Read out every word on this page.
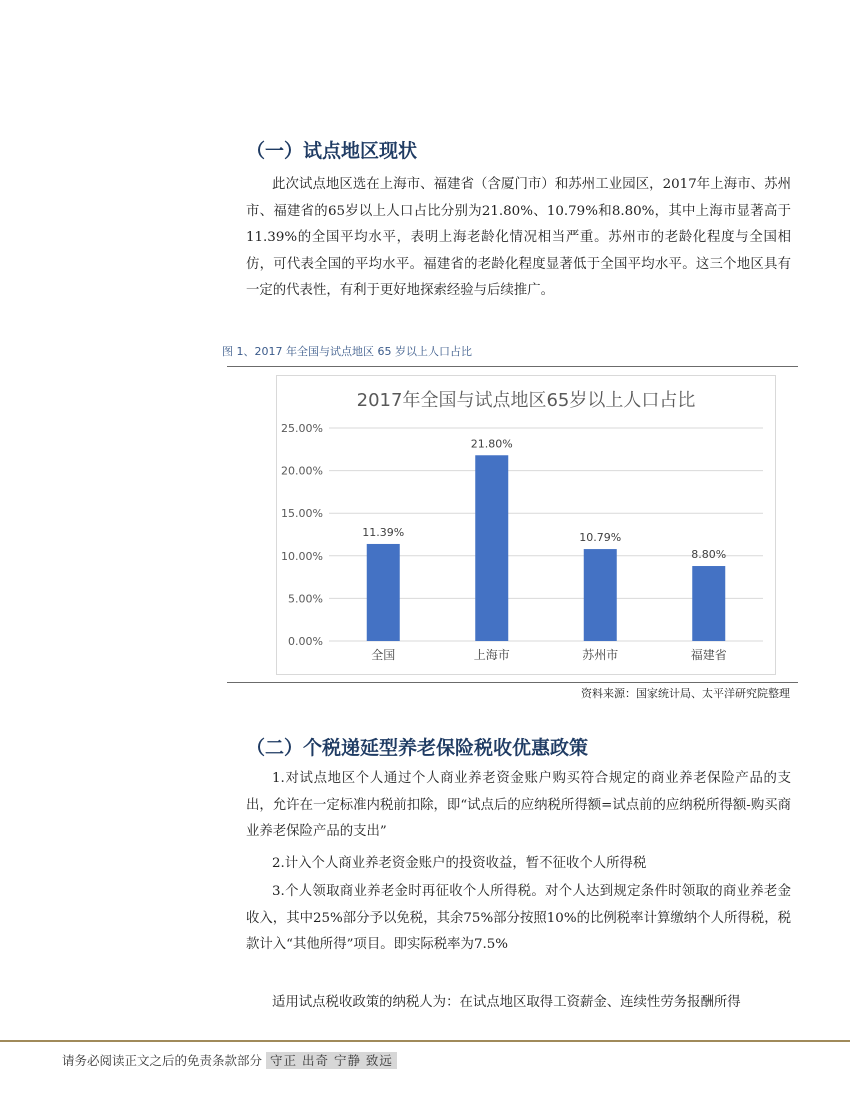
（一）试点地区现状

此次试点地区选在上海市、福建省（含厦门市）和苏州工业园区，2017年上海市、苏州市、福建省的65岁以上人口占比分别为21.80%、10.79%和8.80%，其中上海市显著高于11.39%的全国平均水平，表明上海老龄化情况相当严重。苏州市的老龄化程度与全国相仿，可代表全国的平均水平。福建省的老龄化程度显著低于全国平均水平。这三个地区具有一定的代表性，有利于更好地探索经验与后续推广。

图 1、2017 年全国与试点地区 65 岁以上人口占比
2017年全国与试点地区65岁以上人口占比
0.00%
5.00%
10.00%
15.00%
20.00%
25.00%
11.39%
21.80%
10.79%
8.80%
全国	上海市	苏州市	福建省
资料来源：国家统计局、太平洋研究院整理
（二）个税递延型养老保险税收优惠政策

1.对试点地区个人通过个人商业养老资金账户购买符合规定的商业养老保险产品的支出，允许在一定标准内税前扣除，即“试点后的应纳税所得额=试点前的应纳税所得额-购买商业养老保险产品的支出”

2.计入个人商业养老资金账户的投资收益，暂不征收个人所得税

3.个人领取商业养老金时再征收个人所得税。对个人达到规定条件时领取的商业养老金收入，其中25%部分予以免税，其余75%部分按照10%的比例税率计算缴纳个人所得税，税款计入“其他所得”项目。即实际税率为7.5%

适用试点税收政策的纳税人为：在试点地区取得工资薪金、连续性劳务报酬所得

请务必阅读正文之后的免责条款部分 守正 出奇 宁静 致远
